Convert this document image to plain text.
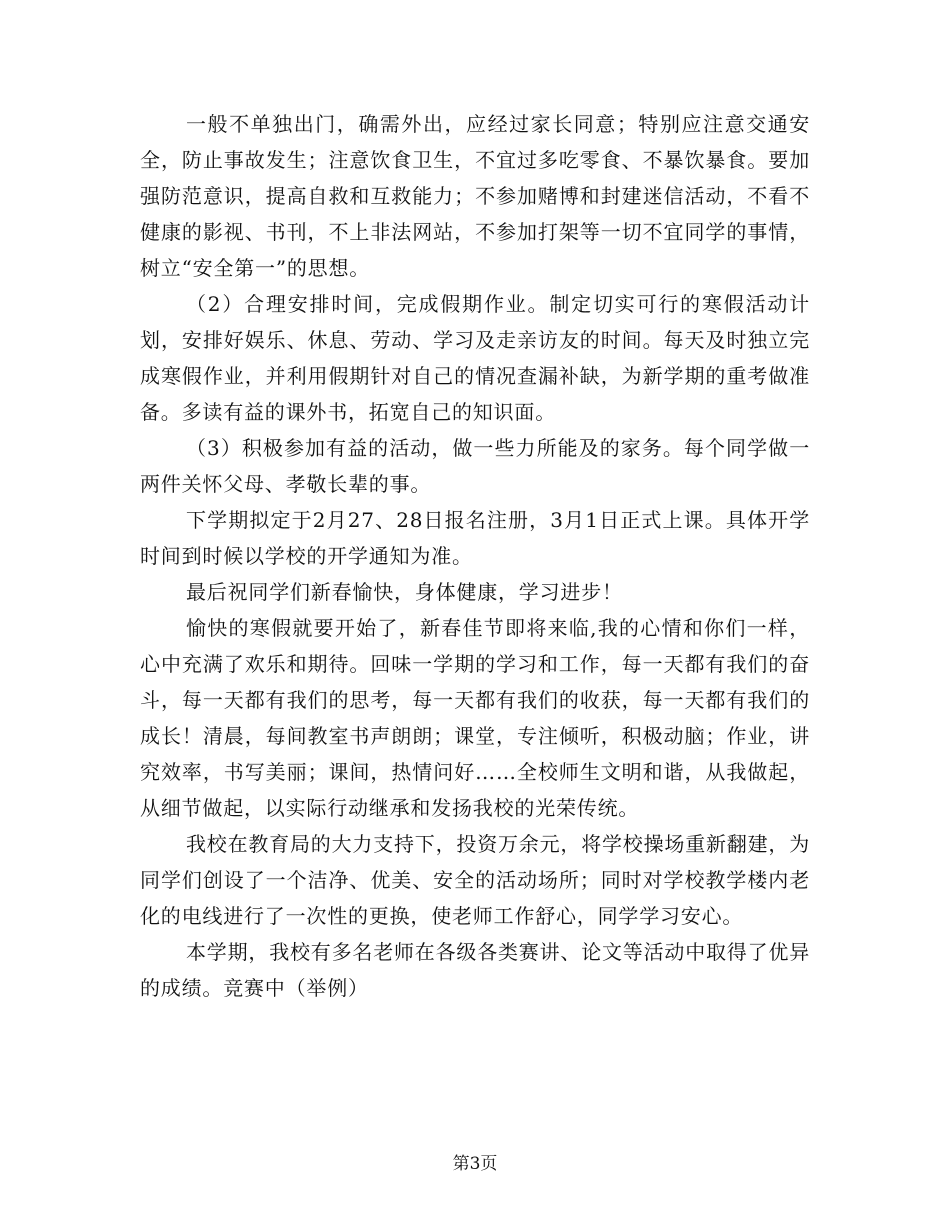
一般不单独出门，确需外出，应经过家长同意；特别应注意交通安全，防止事故发生；注意饮食卫生，不宜过多吃零食、不暴饮暴食。要加强防范意识，提高自救和互救能力；不参加赌博和封建迷信活动，不看不健康的影视、书刊，不上非法网站，不参加打架等一切不宜同学的事情，树立“安全第一”的思想。

（2）合理安排时间，完成假期作业。制定切实可行的寒假活动计划，安排好娱乐、休息、劳动、学习及走亲访友的时间。每天及时独立完成寒假作业，并利用假期针对自己的情况查漏补缺，为新学期的重考做准备。多读有益的课外书，拓宽自己的知识面。

（3）积极参加有益的活动，做一些力所能及的家务。每个同学做一两件关怀父母、孝敬长辈的事。

下学期拟定于2月27、28日报名注册，3月1日正式上课。具体开学时间到时候以学校的开学通知为准。

最后祝同学们新春愉快，身体健康，学习进步！

愉快的寒假就要开始了，新春佳节即将来临,我的心情和你们一样，心中充满了欢乐和期待。回味一学期的学习和工作，每一天都有我们的奋斗，每一天都有我们的思考，每一天都有我们的收获，每一天都有我们的成长！清晨，每间教室书声朗朗；课堂，专注倾听，积极动脑；作业，讲究效率，书写美丽；课间，热情问好……全校师生文明和谐，从我做起，从细节做起，以实际行动继承和发扬我校的光荣传统。

我校在教育局的大力支持下，投资万余元，将学校操场重新翻建，为同学们创设了一个洁净、优美、安全的活动场所；同时对学校教学楼内老化的电线进行了一次性的更换，使老师工作舒心，同学学习安心。

本学期，我校有多名老师在各级各类赛讲、论文等活动中取得了优异的成绩。竞赛中（举例）

第3页
